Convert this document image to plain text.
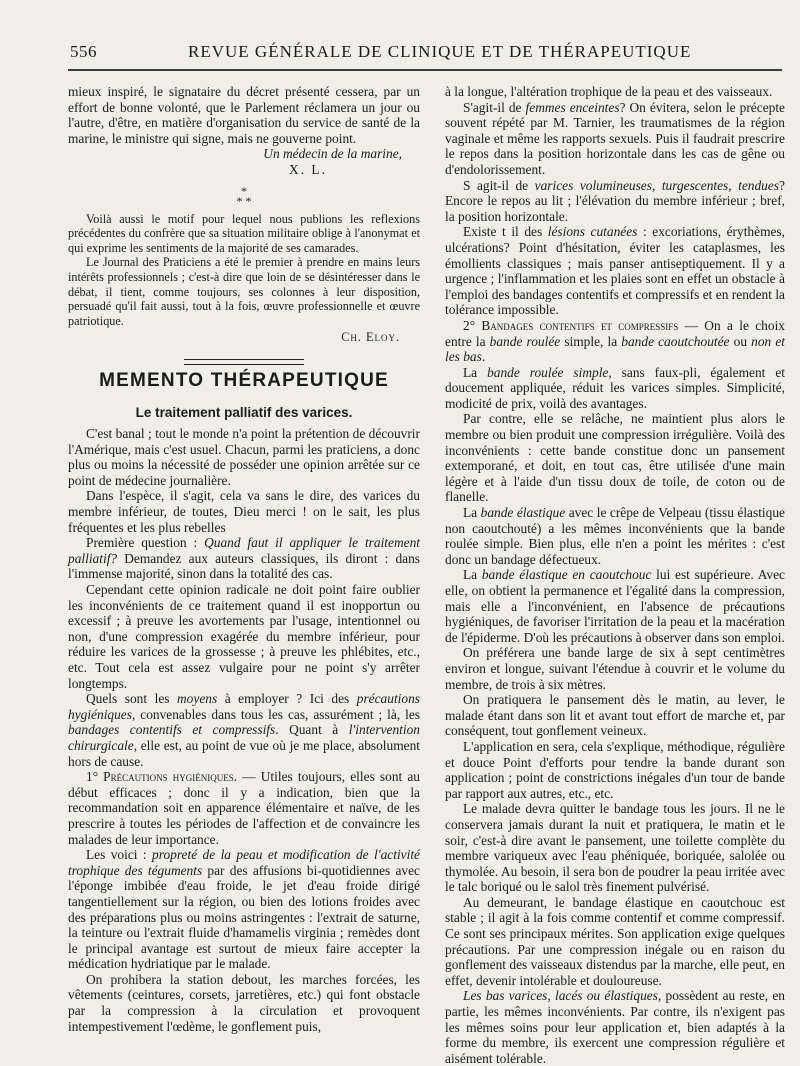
556	REVUE GÉNÉRALE DE CLINIQUE ET DE THÉRAPEUTIQUE

mieux inspiré, le signataire du décret présenté cessera, par un effort de bonne volonté, que le Parlement réclamera un jour ou l'autre, d'être, en matière d'organisation du service de santé de la marine, le ministre qui signe, mais ne gouverne point.

Un médecin de la marine,

X. L.

*
* *

Voilà aussi le motif pour lequel nous publions les reflexions précédentes du confrère que sa situation militaire oblige à l'anonymat et qui exprime les sentiments de la majorité de ses camarades.

Le Journal des Praticiens a été le premier à prendre en mains leurs intérêts professionnels ; c'est-à dire que loin de se désintéresser dans le débat, il tient, comme toujours, ses colonnes à leur disposition, persuadé qu'il fait aussi, tout à la fois, œuvre professionnelle et œuvre patriotique.

Ch. Eloy.
MEMENTO THÉRAPEUTIQUE
Le traitement palliatif des varices.

C'est banal ; tout le monde n'a point la prétention de découvrir l'Amérique, mais c'est usuel. Chacun, parmi les praticiens, a donc plus ou moins la nécessité de posséder une opinion arrêtée sur ce point de médecine journalière.

Dans l'espèce, il s'agit, cela va sans le dire, des varices du membre inférieur, de toutes, Dieu merci ! on le sait, les plus fréquentes et les plus rebelles

Première question : Quand faut il appliquer le traitement palliatif? Demandez aux auteurs classiques, ils diront : dans l'immense majorité, sinon dans la totalité des cas.

Cependant cette opinion radicale ne doit point faire oublier les inconvénients de ce traitement quand il est inopportun ou excessif ; à preuve les avortements par l'usage, intentionnel ou non, d'une compression exagérée du membre inférieur, pour réduire les varices de la grossesse ; à preuve les phlébites, etc., etc. Tout cela est assez vulgaire pour ne point s'y arrêter longtemps.

Quels sont les moyens à employer ? Ici des précautions hygiéniques, convenables dans tous les cas, assurément ; là, les bandages contentifs et compressifs. Quant à l'intervention chirurgicale, elle est, au point de vue où je me place, absolument hors de cause.

1° Précautions hygiéniques. — Utiles toujours, elles sont au début efficaces ; donc il y a indication, bien que la recommandation soit en apparence élémentaire et naïve, de les prescrire à toutes les périodes de l'affection et de convaincre les malades de leur importance.

Les voici : propreté de la peau et modification de l'activité trophique des téguments par des affusions bi-quotidiennes avec l'éponge imbibée d'eau froide, le jet d'eau froide dirigé tangentiellement sur la région, ou bien des lotions froides avec des préparations plus ou moins astringentes : l'extrait de saturne, la teinture ou l'extrait fluide d'hamamelis virginia ; remèdes dont le principal avantage est surtout de mieux faire accepter la médication hydriatique par le malade.

On prohibera la station debout, les marches forcées, les vêtements (ceintures, corsets, jarretières, etc.) qui font obstacle par la compression à la circulation et provoquent intempestivement l'œdème, le gonflement puis,

à la longue, l'altération trophique de la peau et des vaisseaux.

S'agit-il de femmes enceintes? On évitera, selon le précepte souvent répété par M. Tarnier, les traumatismes de la région vaginale et même les rapports sexuels. Puis il faudrait prescrire le repos dans la position horizontale dans les cas de gêne ou d'endolorissement.

S agit-il de varices volumineuses, turgescentes, tendues? Encore le repos au lit ; l'élévation du membre inférieur ; bref, la position horizontale.

Existe t il des lésions cutanées : excoriations, érythèmes, ulcérations? Point d'hésitation, éviter les cataplasmes, les émollients classiques ; mais panser antiseptiquement. Il y a urgence ; l'inflammation et les plaies sont en effet un obstacle à l'emploi des bandages contentifs et compressifs et en rendent la tolérance impossible.

2° Bandages contentifs et compressifs — On a le choix entre la bande roulée simple, la bande caoutchoutée ou non et les bas.

La bande roulée simple, sans faux-pli, également et doucement appliquée, réduit les varices simples. Simplicité, modicité de prix, voilà des avantages.

Par contre, elle se relâche, ne maintient plus alors le membre ou bien produit une compression irrégulière. Voilà des inconvénients : cette bande constitue donc un pansement extemporané, et doit, en tout cas, être utilisée d'une main légère et à l'aide d'un tissu doux de toile, de coton ou de flanelle.

La bande élastique avec le crêpe de Velpeau (tissu élastique non caoutchouté) a les mêmes inconvénients que la bande roulée simple. Bien plus, elle n'en a point les mérites : c'est donc un bandage défectueux.

La bande élastique en caoutchouc lui est supérieure. Avec elle, on obtient la permanence et l'égalité dans la compression, mais elle a l'inconvénient, en l'absence de précautions hygiéniques, de favoriser l'irritation de la peau et la macération de l'épiderme. D'où les précautions à observer dans son emploi.

On préférera une bande large de six à sept centimètres environ et longue, suivant l'étendue à couvrir et le volume du membre, de trois à six mètres.

On pratiquera le pansement dès le matin, au lever, le malade étant dans son lit et avant tout effort de marche et, par conséquent, tout gonflement veineux.

L'application en sera, cela s'explique, méthodique, régulière et douce Point d'efforts pour tendre la bande durant son application ; point de constrictions inégales d'un tour de bande par rapport aux autres, etc., etc.

Le malade devra quitter le bandage tous les jours. Il ne le conservera jamais durant la nuit et pratiquera, le matin et le soir, c'est-à dire avant le pansement, une toilette complète du membre variqueux avec l'eau phéniquée, boriquée, salolée ou thymolée. Au besoin, il sera bon de poudrer la peau irritée avec le talc boriqué ou le salol très finement pulvérisé.

Au demeurant, le bandage élastique en caoutchouc est stable ; il agit à la fois comme contentif et comme compressif. Ce sont ses principaux mérites. Son application exige quelques précautions. Par une compression inégale ou en raison du gonflement des vaisseaux distendus par la marche, elle peut, en effet, devenir intolérable et douloureuse.

Les bas varices, lacés ou élastiques, possèdent au reste, en partie, les mêmes inconvénients. Par contre, ils n'exigent pas les mêmes soins pour leur application et, bien adaptés à la forme du membre, ils exercent une compression régulière et aisément tolérable.
